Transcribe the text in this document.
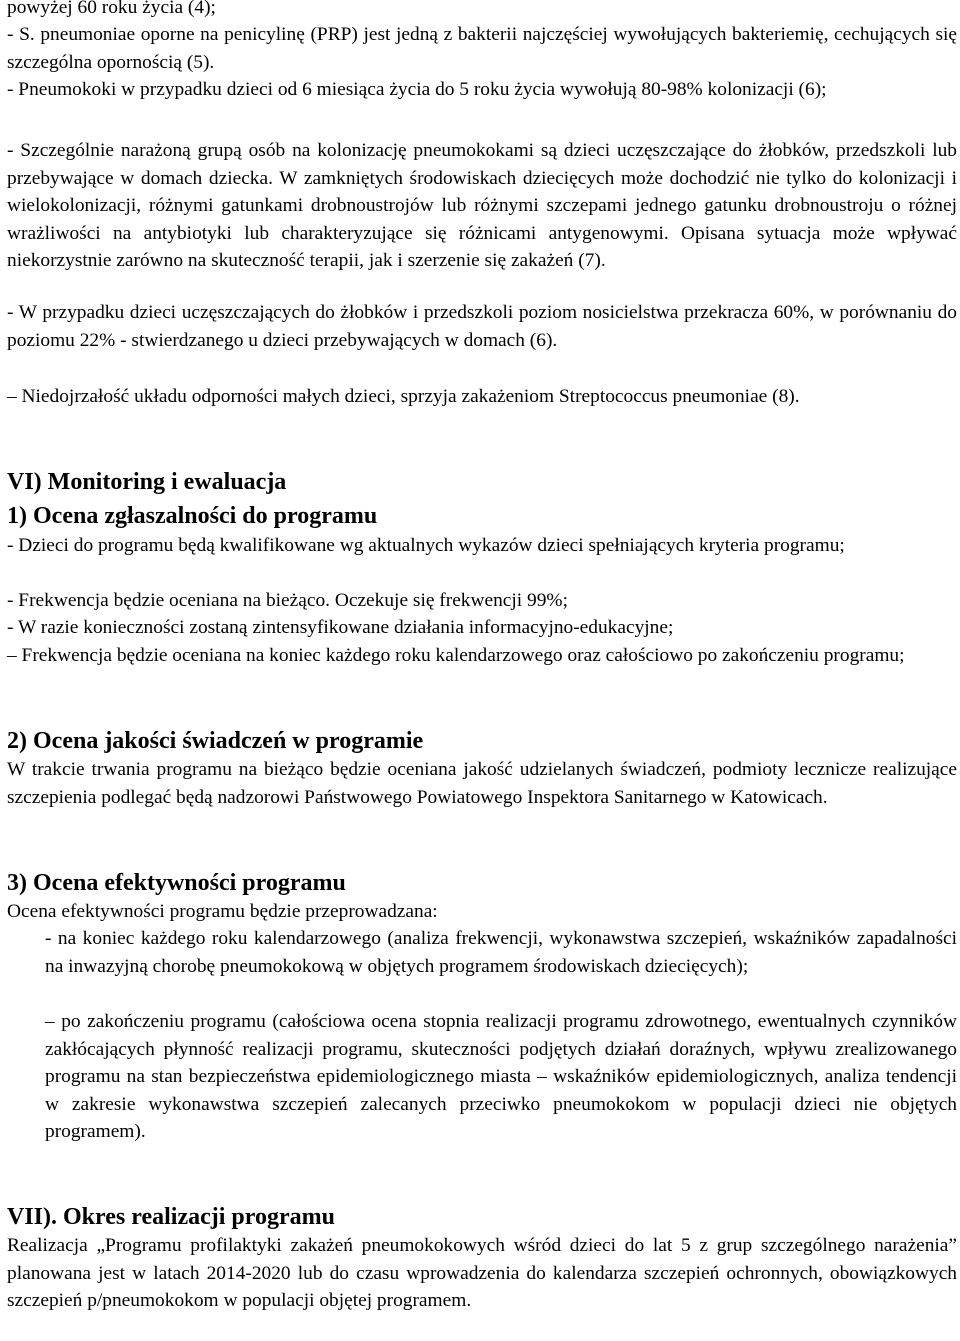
powyżej 60 roku życia (4);

- S. pneumoniae oporne na penicylinę (PRP) jest jedną z bakterii najczęściej wywołujących bakteriemię, cechujących się szczególna opornością (5).

- Pneumokoki w przypadku dzieci od 6 miesiąca życia do 5 roku życia wywołują 80-98% kolonizacji (6);

- Szczególnie narażoną grupą osób na kolonizację pneumokokami są dzieci uczęszczające do żłobków, przedszkoli lub przebywające w domach dziecka. W zamkniętych środowiskach dziecięcych może dochodzić nie tylko do kolonizacji i wielokolonizacji, różnymi gatunkami drobnoustrojów lub różnymi szczepami jednego gatunku drobnoustroju o różnej wrażliwości na antybiotyki lub charakteryzujące się różnicami antygenowymi. Opisana sytuacja może wpływać niekorzystnie zarówno na skuteczność terapii, jak i szerzenie się zakażeń (7).

- W przypadku dzieci uczęszczających do żłobków i przedszkoli poziom nosicielstwa przekracza 60%, w porównaniu do poziomu 22% - stwierdzanego u dzieci przebywających w domach (6).

– Niedojrzałość układu odporności małych dzieci, sprzyja zakażeniom Streptococcus pneumoniae (8).

VI) Monitoring i ewaluacja
1) Ocena zgłaszalności do programu

- Dzieci do programu będą kwalifikowane wg aktualnych wykazów dzieci spełniających kryteria programu;

- Frekwencja będzie oceniana na bieżąco. Oczekuje się frekwencji 99%;

- W razie konieczności zostaną zintensyfikowane działania informacyjno-edukacyjne;

– Frekwencja będzie oceniana na koniec każdego roku kalendarzowego oraz całościowo po zakończeniu programu;

2) Ocena jakości świadczeń w programie

W trakcie trwania programu na bieżąco będzie oceniana jakość udzielanych świadczeń, podmioty lecznicze realizujące szczepienia podlegać będą nadzorowi Państwowego Powiatowego Inspektora Sanitarnego w Katowicach.

3) Ocena efektywności programu

Ocena efektywności programu będzie przeprowadzana:

- na koniec każdego roku kalendarzowego (analiza frekwencji, wykonawstwa szczepień, wskaźników zapadalności na inwazyjną chorobę pneumokokową w objętych programem środowiskach dziecięcych);

– po zakończeniu programu (całościowa ocena stopnia realizacji programu zdrowotnego, ewentualnych czynników zakłócających płynność realizacji programu, skuteczności podjętych działań doraźnych, wpływu zrealizowanego programu na stan bezpieczeństwa epidemiologicznego miasta – wskaźników epidemiologicznych, analiza tendencji w zakresie wykonawstwa szczepień zalecanych przeciwko pneumokokom w populacji dzieci nie objętych programem).

VII). Okres realizacji programu

Realizacja „Programu profilaktyki zakażeń pneumokokowych wśród dzieci do lat 5 z grup szczególnego narażenia” planowana jest w latach 2014-2020 lub do czasu wprowadzenia do kalendarza szczepień ochronnych, obowiązkowych szczepień p/pneumokokom w populacji objętej programem.
